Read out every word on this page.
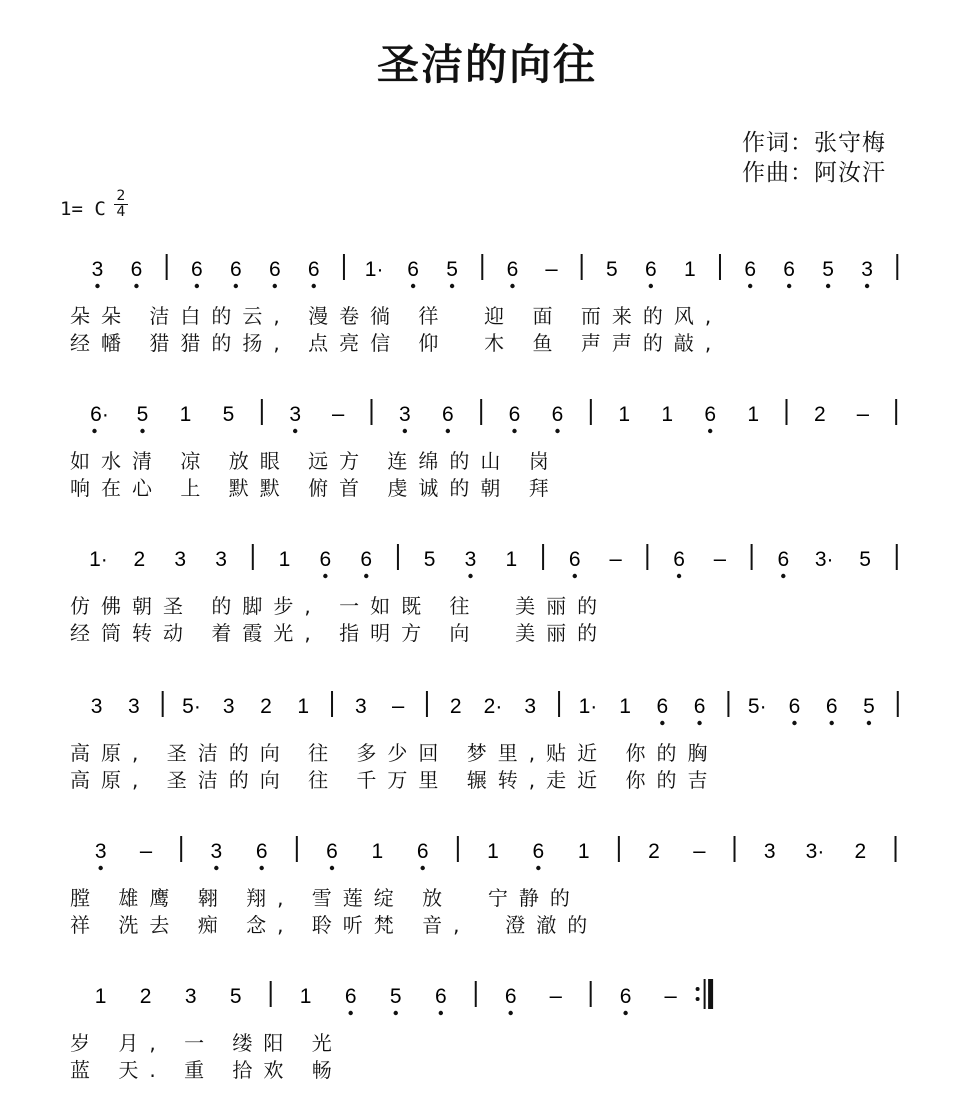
圣洁的向往
作词：张守梅
作曲：阿汝汗
1= C
2
4
3 6 6 6 6 6 1· 6 5 6 – 5 6 1 6 6 5 3
6· 5 1 5	3 –	3 6	6 6	1 1 6 1	2 –
1· 2 3 3 1 6 6 5 3 1 6 – 6 – 6 3· 5
3 3 5· 3 2 1 3 – 2 2· 3 1· 1 6 6 5· 6 6 5
3 –	3 6	6 1 6	1 6 1	2 –	3 3· 2
1 2 3 5	1 6 5 6	6 –	6 –
朵朵 洁白的云, 漫卷徜 徉  迎 面 而来的风,
经幡 猎猎的扬, 点亮信 仰  木 鱼 声声的敲,
如水清 凉 放眼 远方 连绵的山 岗
响在心 上 默默 俯首 虔诚的朝 拜
仿佛朝圣 的脚步, 一如既 往  美丽的
经筒转动 着霞光, 指明方 向  美丽的
高原, 圣洁的向 往 多少回 梦里,贴近 你的胸
高原, 圣洁的向 往 千万里 辗转,走近 你的吉
膛 雄鹰 翱 翔, 雪莲绽 放  宁静的
祥 洗去 痴 念, 聆听梵 音,  澄澈的
岁 月, 一 缕阳 光
蓝 天. 重 拾欢 畅
